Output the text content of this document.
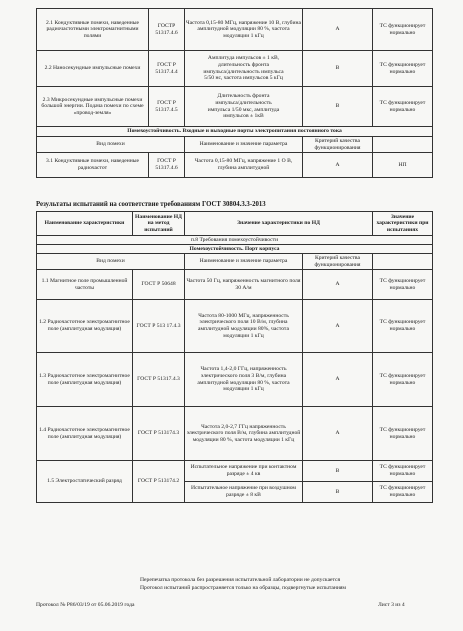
2.1 Кондуктивные помехи, наведенные радиочастотными электромагнитными полями	ГОСТР 51317.4.6	Частота 0,15-80 МГц, напряжение 10 В, глубина амплитудной модуляции 80 %, частота модуляции 1 кГц	А	ТС функционирует нормально
2.2 Наносекундные импульсные помехи	ГОСТ Р 51317.4.4	Амплитуда импульсов ± 1 кВ,
длительность фронта
импульса/длительность импульса
5/50 нс, частота импульсов 5 кГц	В	ТС функционирует нормально
2.3 Микросекундные импульсные помехи большой энергии. Подача помехи по схеме «провод-земля»	ГОСТ Р 51317.4.5	Длительность фронта
импульса/длительность
импульса 1/50 мкс, амплитуда
импульсов ± 1кВ	В	ТС функционирует нормально
Помехоустойчивость. Входные и выходные порты электропитания постоянного тока				
Вид помехи		Наименование и значение параметра	Критерий качества функционирования	
3.1 Кондуктивные помехи, наведенные радиочастот	ГОСТ Р 51317.4.6	Частота 0,15-80 МГц, напряжение 1 О В, глубина амплитудной	А	НП
Результаты испытаний на соответствие требованиям ГОСТ 30804.3.3-2013
Наименование характеристики	Наименование НД на метод испытаний	Значение характеристики по НД		Значение характеристики при испытаниях
п.8 Требования помехоустойчивости				
Помехоустойчивость. Порт корпуса				
Вид помехи		Наименование и значение параметра	Критерий качества функционирования	
1.1 Магнитное поле промышленной частоты	ГОСТ Р 50648	Частота 50 Гц, напряженность магнитного поля 30 А/м	А	ТС функционирует нормально
1.2 Радиочастотное электромагнитное поле (амплитудная модуляция)	ГОСТ Р 513 17.4.3	Частота 80-1000 МГц, напряженность электрического поля 10 В/м, глубина амплитудной модуляции 80%, частота модуляции 1 кГц	А	ТС функционирует нормально
1.3 Радиочастотное электромагнитное поле (амплитудная модуляция)	ГОСТ Р 51317.4.3	Частота 1,4-2,0 ГГц, напряженность электрического поля 3 В/м, глубина амплитудной модуляции 80 %, частота модуляции 1 кГц	А	ТС функционирует нормально
1.4 Радиочастотное электромагнитное поле (амплитудная модуляция)	ГОСТ Р 513174.3	Частота 2,0-2,7 ГГц напряженность электрического поля В/м, глубина амплитудной модуляции 80 %, частота модуляции 1 кГц	А	ТС функционирует нормально
1.5 Электростатический разряд	ГОСТ Р 513174.2	Испытательное напряжение при контактном разряде ± 4 кв	В	ТС функционирует нормально
		Испытательное напряжение при воздушном разряде ± 8 кВ	В	ТС функционирует нормально
Перепечатка протокола без разрешения испытательной лаборатории не допускается
Протокол испытаний распространяется только на образцы, подвергнутые испытаниям
Протокол № Р86/03/19 от 05.06.2019 года	Лист 3 из 4
